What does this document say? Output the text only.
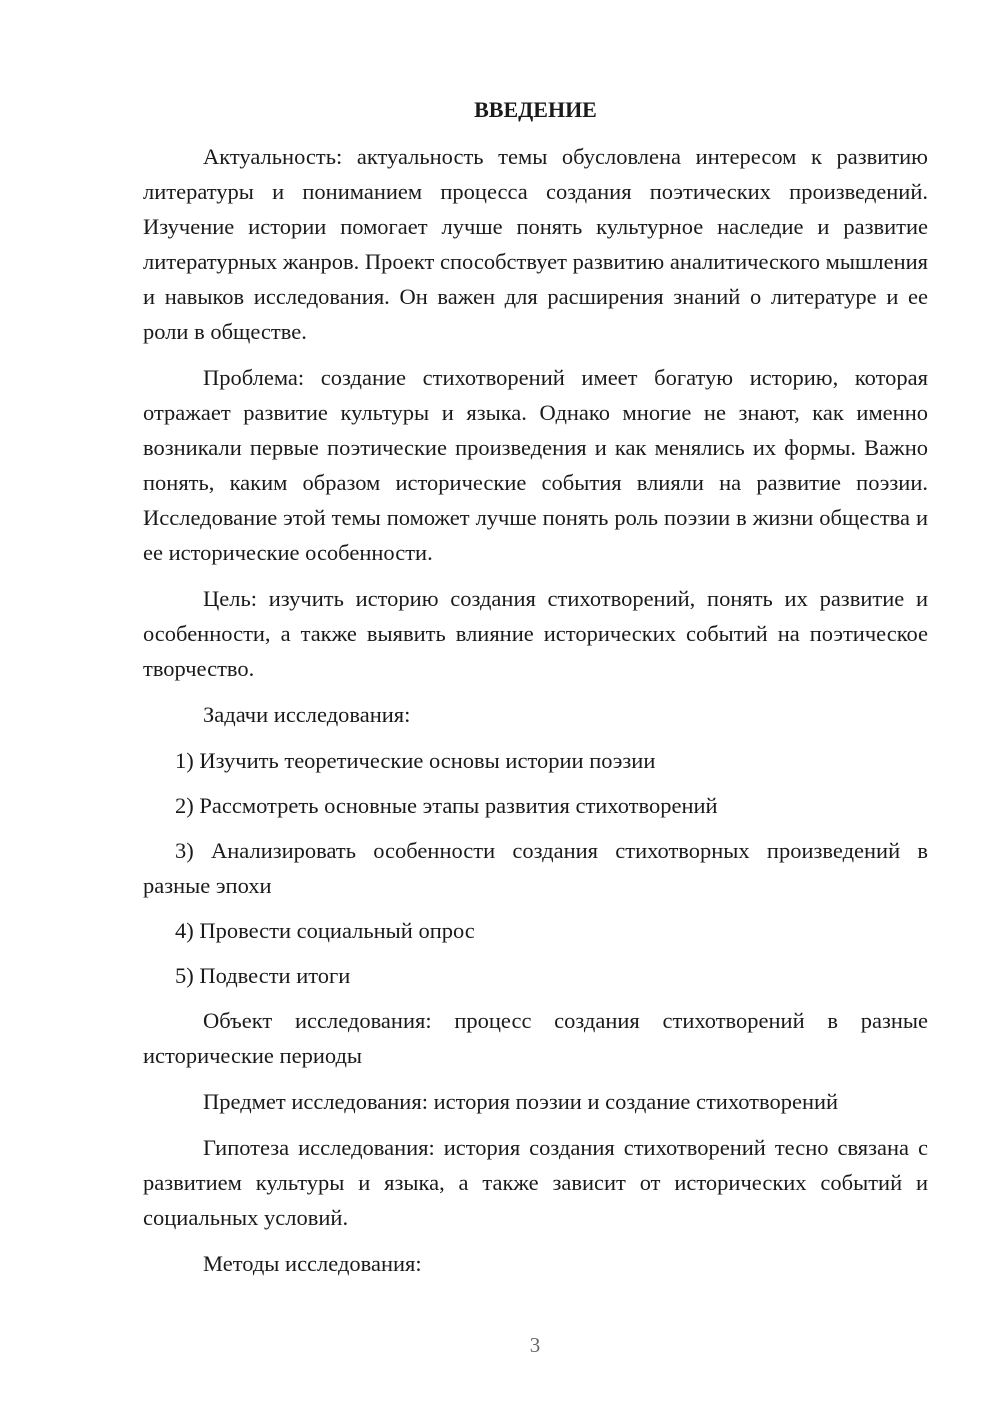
ВВЕДЕНИЕ

Актуальность: актуальность темы обусловлена интересом к развитию литературы и пониманием процесса создания поэтических произведений. Изучение истории помогает лучше понять культурное наследие и развитие литературных жанров. Проект способствует развитию аналитического мышления и навыков исследования. Он важен для расширения знаний о литературе и ее роли в обществе.

Проблема: создание стихотворений имеет богатую историю, которая отражает развитие культуры и языка. Однако многие не знают, как именно возникали первые поэтические произведения и как менялись их формы. Важно понять, каким образом исторические события влияли на развитие поэзии. Исследование этой темы поможет лучше понять роль поэзии в жизни общества и ее исторические особенности.

Цель: изучить историю создания стихотворений, понять их развитие и особенности, а также выявить влияние исторических событий на поэтическое творчество.

Задачи исследования:

1) Изучить теоретические основы истории поэзии

2) Рассмотреть основные этапы развития стихотворений

3) Анализировать особенности создания стихотворных произведений в разные эпохи

4) Провести социальный опрос

5) Подвести итоги

Объект исследования: процесс создания стихотворений в разные исторические периоды

Предмет исследования: история поэзии и создание стихотворений

Гипотеза исследования: история создания стихотворений тесно связана с развитием культуры и языка, а также зависит от исторических событий и социальных условий.

Методы исследования:

3
